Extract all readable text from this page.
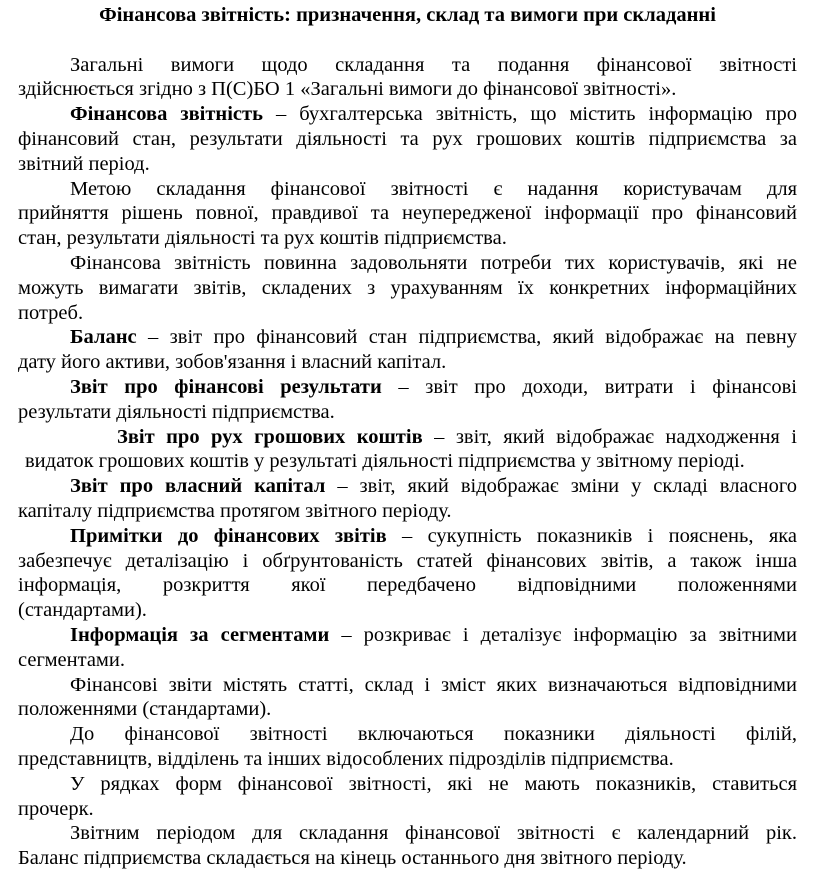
Фінансова звітність: призначення, склад та вимоги при складанні
Загальні вимоги щодо складання та подання фінансової звітності
здійснюється згідно з П(С)БО 1 «Загальні вимоги до фінансової звітності».
Фінансова звітність – бухгалтерська звітність, що містить інформацію про
фінансовий стан, результати діяльності та рух грошових коштів підприємства за
звітний період.
Метою складання фінансової звітності є надання користувачам для
прийняття рішень повної, правдивої та неупередженої інформації про фінансовий
стан, результати діяльності та рух коштів підприємства.
Фінансова звітність повинна задовольняти потреби тих користувачів, які не
можуть вимагати звітів, складених з урахуванням їх конкретних інформаційних
потреб.
Баланс – звіт про фінансовий стан підприємства, який відображає на певну
дату його активи, зобов'язання і власний капітал.
Звіт про фінансові результати – звіт про доходи, витрати і фінансові
результати діяльності підприємства.
Звіт про рух грошових коштів – звіт, який відображає надходження і
видаток грошових коштів у результаті діяльності підприємства у звітному періоді.
Звіт про власний капітал – звіт, який відображає зміни у складі власного
капіталу підприємства протягом звітного періоду.
Примітки до фінансових звітів – сукупність показників і пояснень, яка
забезпечує деталізацію і обґрунтованість статей фінансових звітів, а також інша
інформація, розкриття якої передбачено відповідними положеннями
(стандартами).
Інформація за сегментами – розкриває і деталізує інформацію за звітними
сегментами.
Фінансові звіти містять статті, склад і зміст яких визначаються відповідними
положеннями (стандартами).
До фінансової звітності включаються показники діяльності філій,
представництв, відділень та інших відособлених підрозділів підприємства.
У рядках форм фінансової звітності, які не мають показників, ставиться
прочерк.
Звітним періодом для складання фінансової звітності є календарний рік.
Баланс підприємства складається на кінець останнього дня звітного періоду.
